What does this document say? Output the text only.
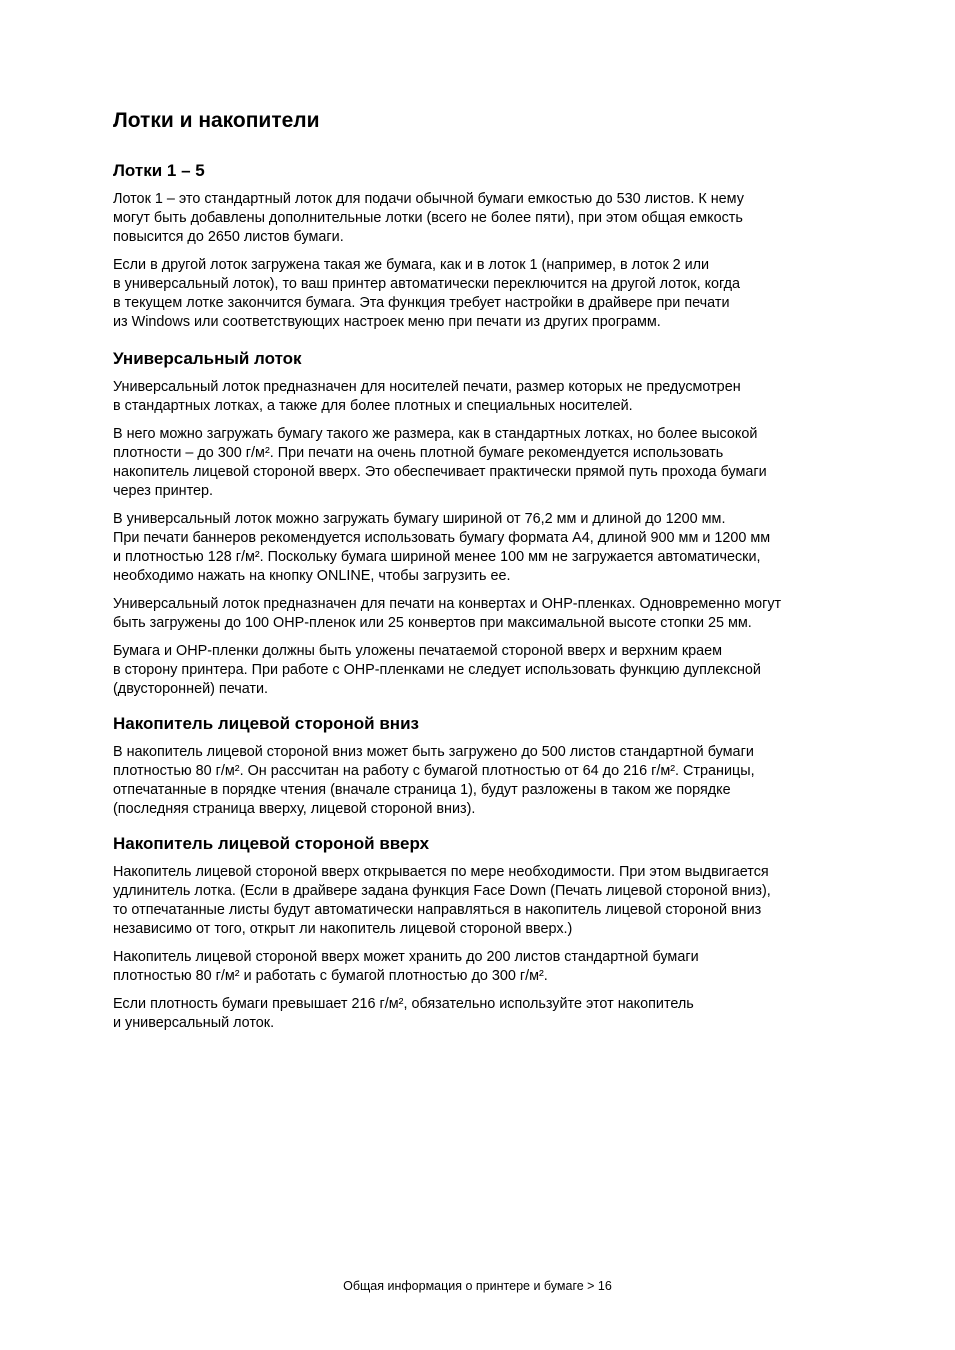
Лотки и накопители
Лотки 1 – 5

Лоток 1 – это стандартный лоток для подачи обычной бумаги емкостью до 530 листов. К нему
могут быть добавлены дополнительные лотки (всего не более пяти), при этом общая емкость
повысится до 2650 листов бумаги.

Если в другой лоток загружена такая же бумага, как и в лоток 1 (например, в лоток 2 или
в универсальный лоток), то ваш принтер автоматически переключится на другой лоток, когда
в текущем лотке закончится бумага. Эта функция требует настройки в драйвере при печати
из Windows или соответствующих настроек меню при печати из других программ.

Универсальный лоток

Универсальный лоток предназначен для носителей печати, размер которых не предусмотрен
в стандартных лотках, а также для более плотных и специальных носителей.

В него можно загружать бумагу такого же размера, как в стандартных лотках, но более высокой
плотности – до 300 г/м². При печати на очень плотной бумаге рекомендуется использовать
накопитель лицевой стороной вверх. Это обеспечивает практически прямой путь прохода бумаги
через принтер.

В универсальный лоток можно загружать бумагу шириной от 76,2 мм и длиной до 1200 мм.
При печати баннеров рекомендуется использовать бумагу формата А4, длиной 900 мм и 1200 мм
и плотностью 128 г/м². Поскольку бумага шириной менее 100 мм не загружается автоматически,
необходимо нажать на кнопку ONLINE, чтобы загрузить ее.

Универсальный лоток предназначен для печати на конвертах и OHP-пленках. Одновременно могут
быть загружены до 100 OHP-пленок или 25 конвертов при максимальной высоте стопки 25 мм.

Бумага и OHP-пленки должны быть уложены печатаемой стороной вверх и верхним краем
в сторону принтера. При работе с OHP-пленками не следует использовать функцию дуплексной
(двусторонней) печати.

Накопитель лицевой стороной вниз

В накопитель лицевой стороной вниз может быть загружено до 500 листов стандартной бумаги
плотностью 80 г/м². Он рассчитан на работу с бумагой плотностью от 64 до 216 г/м². Страницы,
отпечатанные в порядке чтения (вначале страница 1), будут разложены в таком же порядке
(последняя страница вверху, лицевой стороной вниз).

Накопитель лицевой стороной вверх

Накопитель лицевой стороной вверх открывается по мере необходимости. При этом выдвигается
удлинитель лотка. (Если в драйвере задана функция Face Down (Печать лицевой стороной вниз),
то отпечатанные листы будут автоматически направляться в накопитель лицевой стороной вниз
независимо от того, открыт ли накопитель лицевой стороной вверх.)

Накопитель лицевой стороной вверх может хранить до 200 листов стандартной бумаги
плотностью 80 г/м² и работать с бумагой плотностью до 300 г/м².

Если плотность бумаги превышает 216 г/м², обязательно используйте этот накопитель
и универсальный лоток.

Общая информация о принтере и бумаге > 16
